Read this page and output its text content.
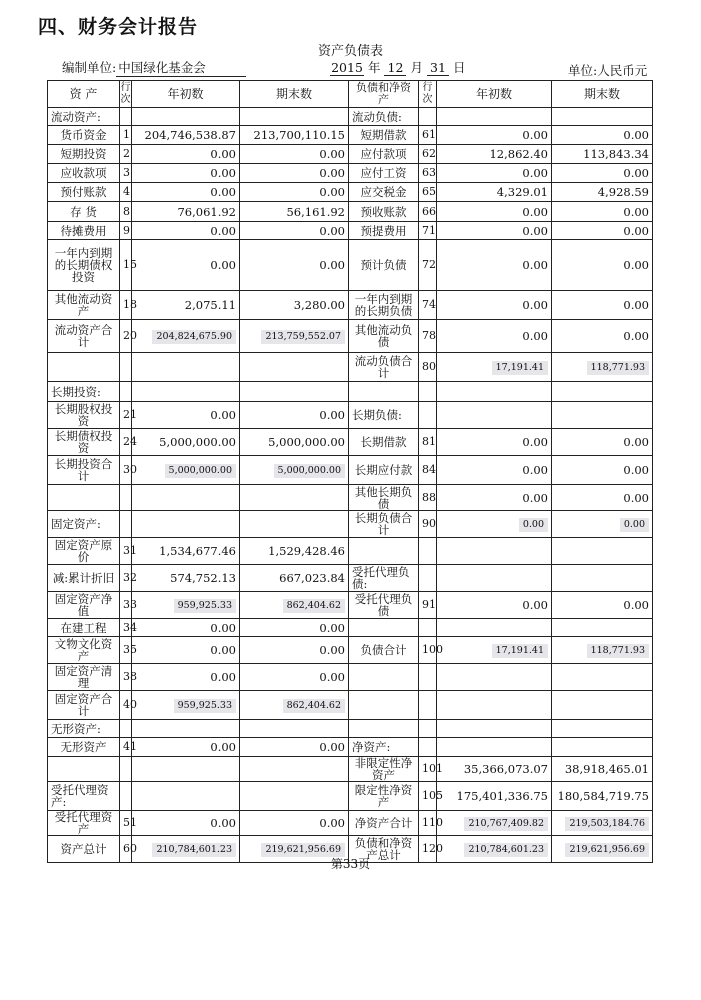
四、财务会计报告
资产负债表
编制单位: 中国绿化基金会	2015 年 12 月 31 日	单位:人民币元
资 产	行次	年初数	期末数	负债和净资产	行次	年初数	期末数
流动资产:				流动负债:			
货币资金	1	204,746,538.87	213,700,110.15	短期借款	61	0.00	0.00
短期投资	2	0.00	0.00	应付款项	62	12,862.40	113,843.34
应收款项	3	0.00	0.00	应付工资	63	0.00	0.00
预付账款	4	0.00	0.00	应交税金	65	4,329.01	4,928.59
存 货	8	76,061.92	56,161.92	预收账款	66	0.00	0.00
待摊费用	9	0.00	0.00	预提费用	71	0.00	0.00
一年内到期的长期债权投资	15	0.00	0.00	预计负债	72	0.00	0.00
其他流动资产	18	2,075.11	3,280.00	一年内到期的长期负债	74	0.00	0.00
流动资产合计	20	204,824,675.90	213,759,552.07	其他流动负债	78	0.00	0.00
				流动负债合计	80	17,191.41	118,771.93
长期投资:							
长期股权投资	21	0.00	0.00	长期负债:			
长期债权投资	24	5,000,000.00	5,000,000.00	长期借款	81	0.00	0.00
长期投资合计	30	5,000,000.00	5,000,000.00	长期应付款	84	0.00	0.00
				其他长期负债	88	0.00	0.00
固定资产:				长期负债合计	90	0.00	0.00
固定资产原价	31	1,534,677.46	1,529,428.46				
减:累计折旧	32	574,752.13	667,023.84	受托代理负债:			
固定资产净值	33	959,925.33	862,404.62	受托代理负债	91	0.00	0.00
在建工程	34	0.00	0.00				
文物文化资产	35	0.00	0.00	负债合计	100	17,191.41	118,771.93
固定资产清理	38	0.00	0.00				
固定资产合计	40	959,925.33	862,404.62				
无形资产:							
无形资产	41	0.00	0.00	净资产:			
				非限定性净资产	101	35,366,073.07	38,918,465.01
受托代理资产:				限定性净资产	105	175,401,336.75	180,584,719.75
受托代理资产	51	0.00	0.00	净资产合计	110	210,767,409.82	219,503,184.76
资产总计	60	210,784,601.23	219,621,956.69	负债和净资产总计	120	210,784,601.23	219,621,956.69
第33页
